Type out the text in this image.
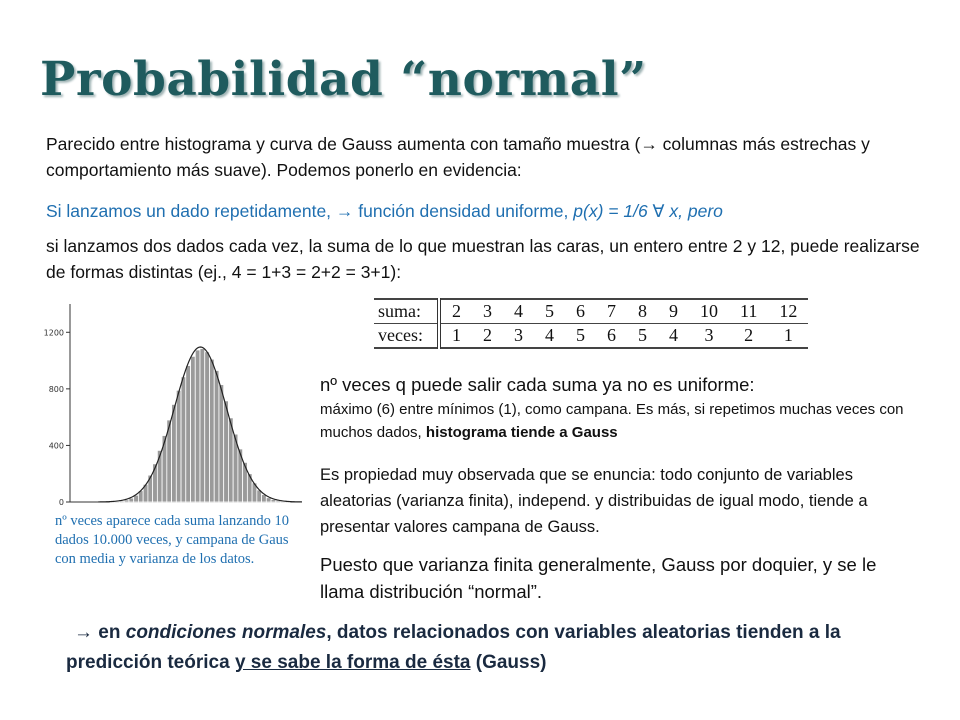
Probabilidad “normal”

Parecido entre histograma y curva de Gauss aumenta con tamaño muestra (→ columnas más estrechas y comportamiento más suave). Podemos ponerlo en evidencia:

Si lanzamos un dado repetidamente, → función densidad uniforme, p(x) = 1/6 ∀ x, pero

si lanzamos dos dados cada vez, la suma de lo que muestran las caras, un entero entre 2 y 12, puede realizarse de formas distintas (ej., 4 = 1+3 = 2+2 = 3+1):

suma:	2	3	4	5	6	7	8	9	10	11	12
veces:	1	2	3	4	5	6	5	4	3	2	1
0
400
800
1200

nº veces aparece cada suma lanzando 10 dados 10.000 veces, y campana de Gaus con media y varianza de los datos.

nº veces q puede salir cada suma ya no es uniforme:
máximo (6) entre mínimos (1), como campana. Es más, si repetimos muchas veces con muchos dados, histograma tiende a Gauss

Es propiedad muy observada que se enuncia: todo conjunto de variables aleatorias (varianza finita), independ. y distribuidas de igual modo, tiende a presentar valores campana de Gauss.

Puesto que varianza finita generalmente, Gauss por doquier, y se le llama distribución “normal”.

→ en condiciones normales, datos relacionados con variables aleatorias tienden a la predicción teórica y se sabe la forma de ésta (Gauss)
